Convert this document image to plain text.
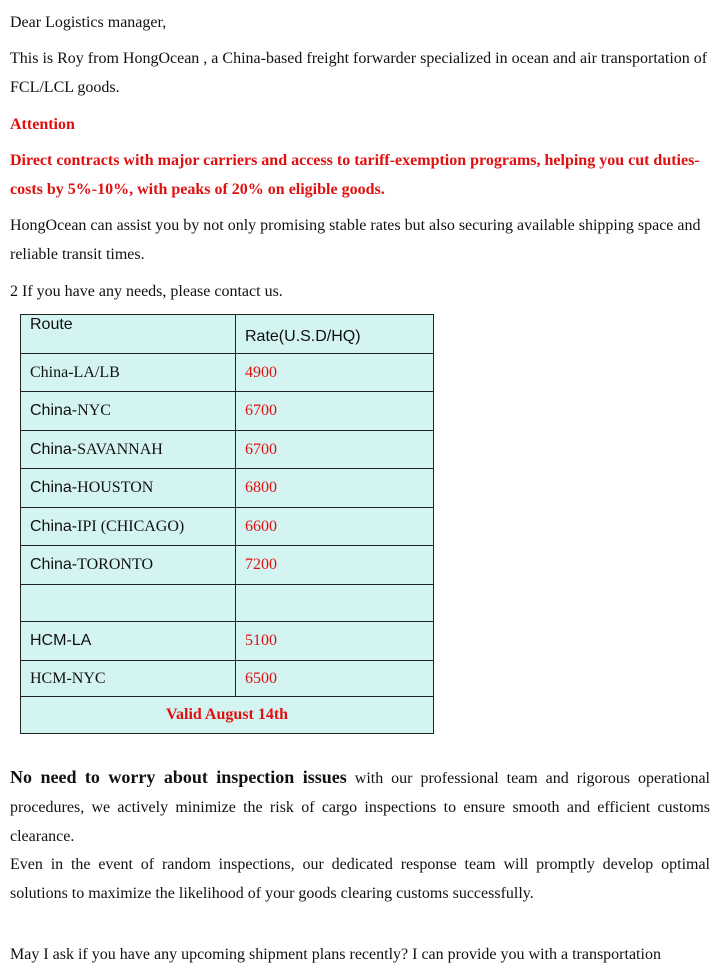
Dear Logistics manager,

This is Roy from HongOcean , a China-based freight forwarder specialized in ocean and air transportation of FCL/LCL goods.

Attention

Direct contracts with major carriers and access to tariff-exemption programs, helping you cut duties-costs by 5%-10%, with peaks of 20% on eligible goods.

HongOcean can assist you by not only promising stable rates but also securing available shipping space and reliable transit times.

2 If you have any needs, please contact us.

Route	Rate(U.S.D/HQ)
China-LA/LB	4900
China-NYC	6700
China-SAVANNAH	6700
China-HOUSTON	6800
China-IPI (CHICAGO)	6600
China-TORONTO	7200

HCM-LA	5100
HCM-NYC	6500
Valid August 14th	

No need to worry about inspection issues with our professional team and rigorous operational procedures, we actively minimize the risk of cargo inspections to ensure smooth and efficient customs clearance.

Even in the event of random inspections, our dedicated response team will promptly develop optimal solutions to maximize the likelihood of your goods clearing customs successfully.

May I ask if you have any upcoming shipment plans recently? I can provide you with a transportation
